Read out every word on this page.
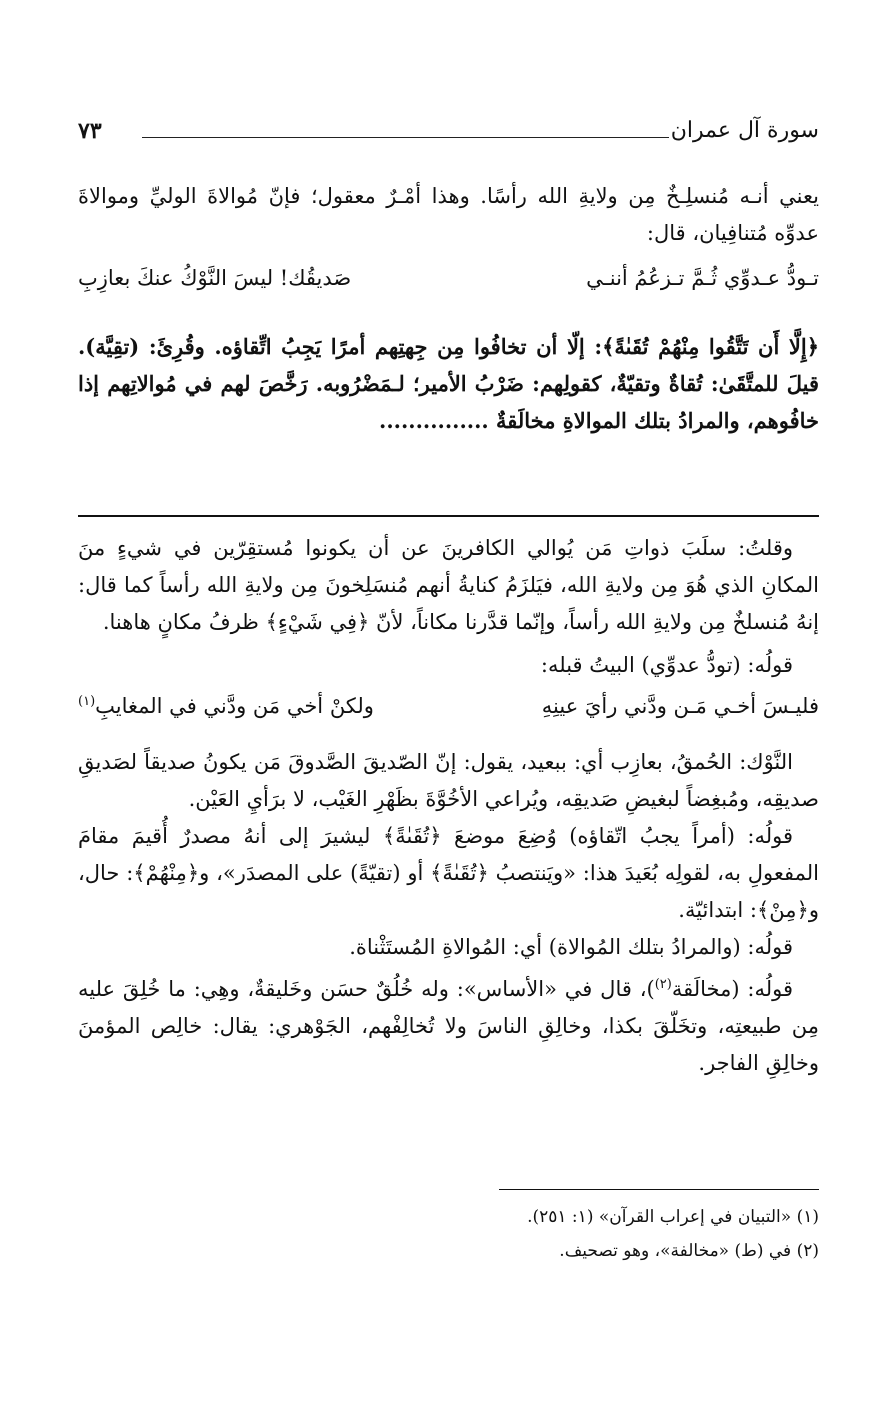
سورة آل عمران
٧٣

يعني أنـه مُنسلِـخٌ مِن ولايةِ الله رأسًا. وهذا أمْـرٌ معقول؛ فإنّ مُوالاةَ الوليِّ وموالاةَ عدوِّه مُتنافِيان، قال:

تـودُّ عـدوِّي ثُـمَّ تـزعُمُ أننـي
صَديقُك! ليسَ النَّوْكُ عنكَ بعازِبِ

﴿إِلَّا أَن تَتَّقُوا مِنْهُمْ تُقَىٰةً﴾: إلّا أن تخافُوا مِن جِهتِهم أمرًا يَجِبُ اتِّقاؤه. وقُرِئَ: (تقِيَّة). قيلَ للمتَّقَىٰ: تُقاةٌ وتقيّةٌ، كقولِهم: ضَرْبُ الأمير؛ لـمَضْرُوبه. رَخَّصَ لهم في مُوالاتِهم إذا خافُوهم، والمرادُ بتلك الموالاةِ مخالَقةٌ ...............

وقلتُ: سلَبَ ذواتِ مَن يُوالي الكافرينَ عن أن يكونوا مُستقِرّين في شيءٍ منَ المكانِ الذي هُوَ مِن ولايةِ الله، فيَلزَمُ كنايةُ أنهم مُنسَلِخونَ مِن ولايةِ الله رأساً كما قال: إنهُ مُنسلخٌ مِن ولايةِ الله رأساً، وإنّما قدَّرنا مكاناً، لأنّ ﴿فِي شَيْءٍ﴾ ظرفُ مكانٍ هاهنا.

قولُه: (تودُّ عدوِّي) البيتُ قبله:

فليـسَ أخـي مَـن ودَّني رأيَ عينِهِ
ولكنْ أخي مَن ودَّني في المغايبِ$^{(١)}$

النَّوْك: الحُمقُ، بعازِب أي: ببعيد، يقول: إنّ الصّديقَ الصَّدوقَ مَن يكونُ صديقاً لصَديقِ صديقِه، ومُبغِضاً لبغيضِ صَديقِه، ويُراعي الأخُوَّةَ بظَهْرِ الغَيْب، لا برَأيِ العَيْن.

قولُه: (أمراً يجبُ اتّقاؤه) وُضِعَ موضعَ ﴿تُقَىٰةً﴾ ليشيرَ إلى أنهُ مصدرٌ أُقيمَ مقامَ المفعولِ به، لقولِه بُعَيدَ هذا: «ويَنتصبُ ﴿تُقَىٰةً﴾ أو (تقيّةً) على المصدَر»، و﴿مِنْهُمْ﴾: حال، و﴿مِنْ﴾: ابتدائيّة.

قولُه: (والمرادُ بتلك المُوالاة) أي: المُوالاةِ المُستَثْناة.

قولُه: (مخالَقة$^{(٢)}$)، قال في «الأساس»: وله خُلُقٌ حسَن وخَليقةٌ، وهِي: ما خُلِقَ عليه مِن طبيعتِه، وتخَلّقَ بكذا، وخالِقِ الناسَ ولا تُخالِفْهم، الجَوْهري: يقال: خالِص المؤمنَ وخالِقِ الفاجر.

(١) «التبيان في إعراب القرآن» (١: ٢٥١).

(٢) في (ط) «مخالفة»، وهو تصحيف.
